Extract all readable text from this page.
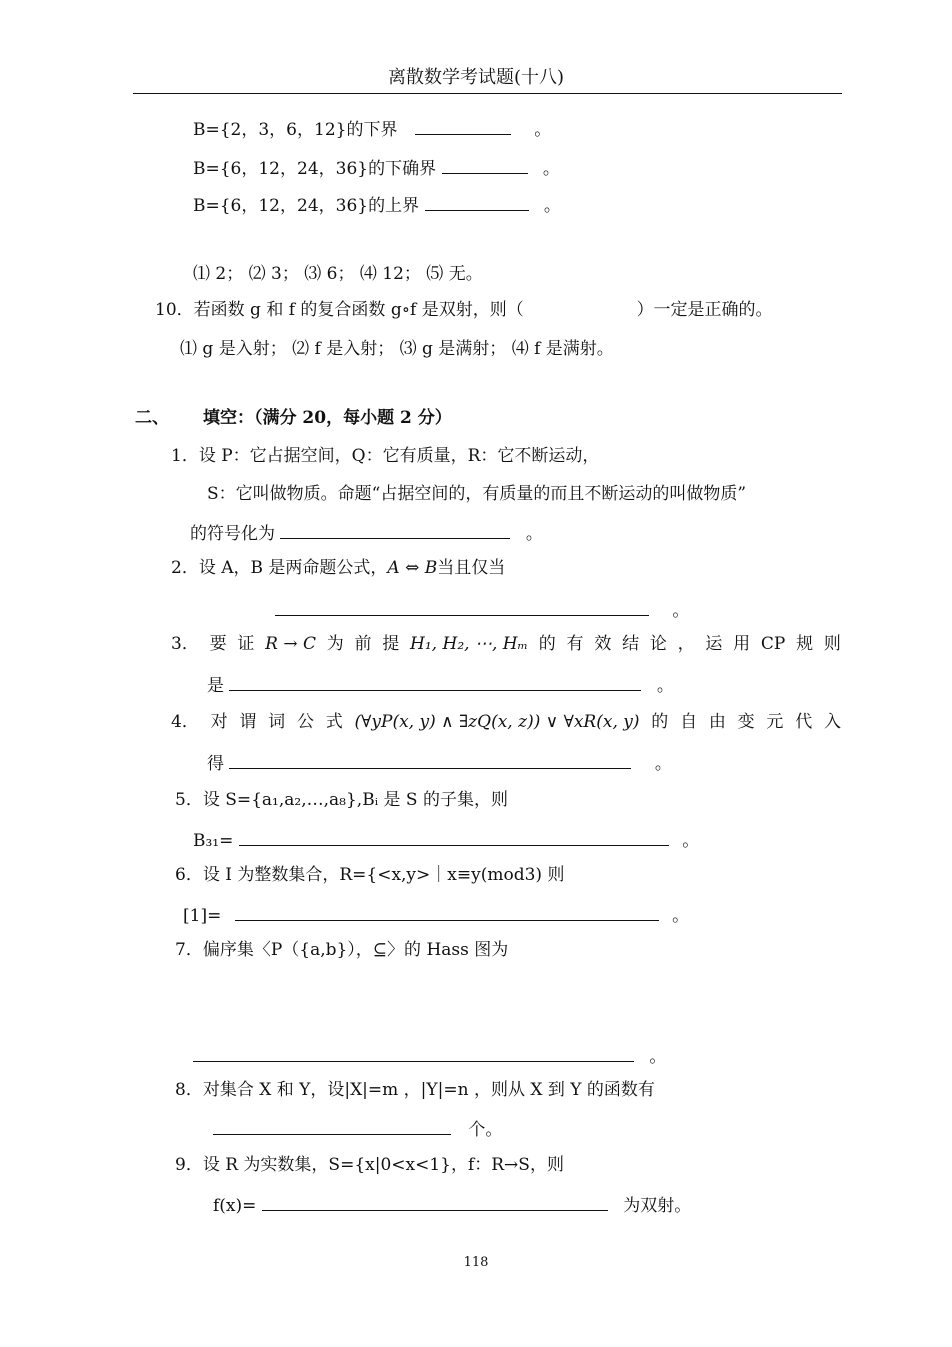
离散数学考试题(十八)
B={2，3，6，12}的下界	。
B={6，12，24，36}的下确界	。
B={6，12，24，36}的上界	。
⑴ 2； ⑵ 3； ⑶ 6； ⑷ 12； ⑸ 无。
10．若函数 g 和 f 的复合函数 g∘f 是双射，则（	）一定是正确的。
⑴ g 是入射； ⑵ f 是入射； ⑶ g 是满射； ⑷ f 是满射。
二、 填空：（满分 20，每小题 2 分）
1．设 P：它占据空间，Q：它有质量，R：它不断运动，
S：它叫做物质。命题“占据空间的，有质量的而且不断运动的叫做物质”
的符号化为	。
2．设 A，B 是两命题公式，A ⇔ B当且仅当
。
3． 要 证 R → C 为 前 提 H₁, H₂, ⋯, Hₘ 的 有 效 结 论 ， 运 用 CP 规 则
是	。
4． 对 谓 词 公 式 (∀yP(x, y) ∧ ∃zQ(x, z)) ∨ ∀xR(x, y) 的 自 由 变 元 代 入
得	。
5．设 S={a₁,a₂,…,a₈},Bᵢ 是 S 的子集，则
B₃₁=	。
6．设 I 为整数集合，R={<x,y>｜x≡y(mod3) 则
[1]=	。
7．偏序集〈P（{a,b}），⊆〉的 Hass 图为
。
8．对集合 X 和 Y，设|X|=m ，|Y|=n ，则从 X 到 Y 的函数有
个。
9．设 R 为实数集，S={x|0<x<1}，f：R→S，则
f(x)=	为双射。
118
